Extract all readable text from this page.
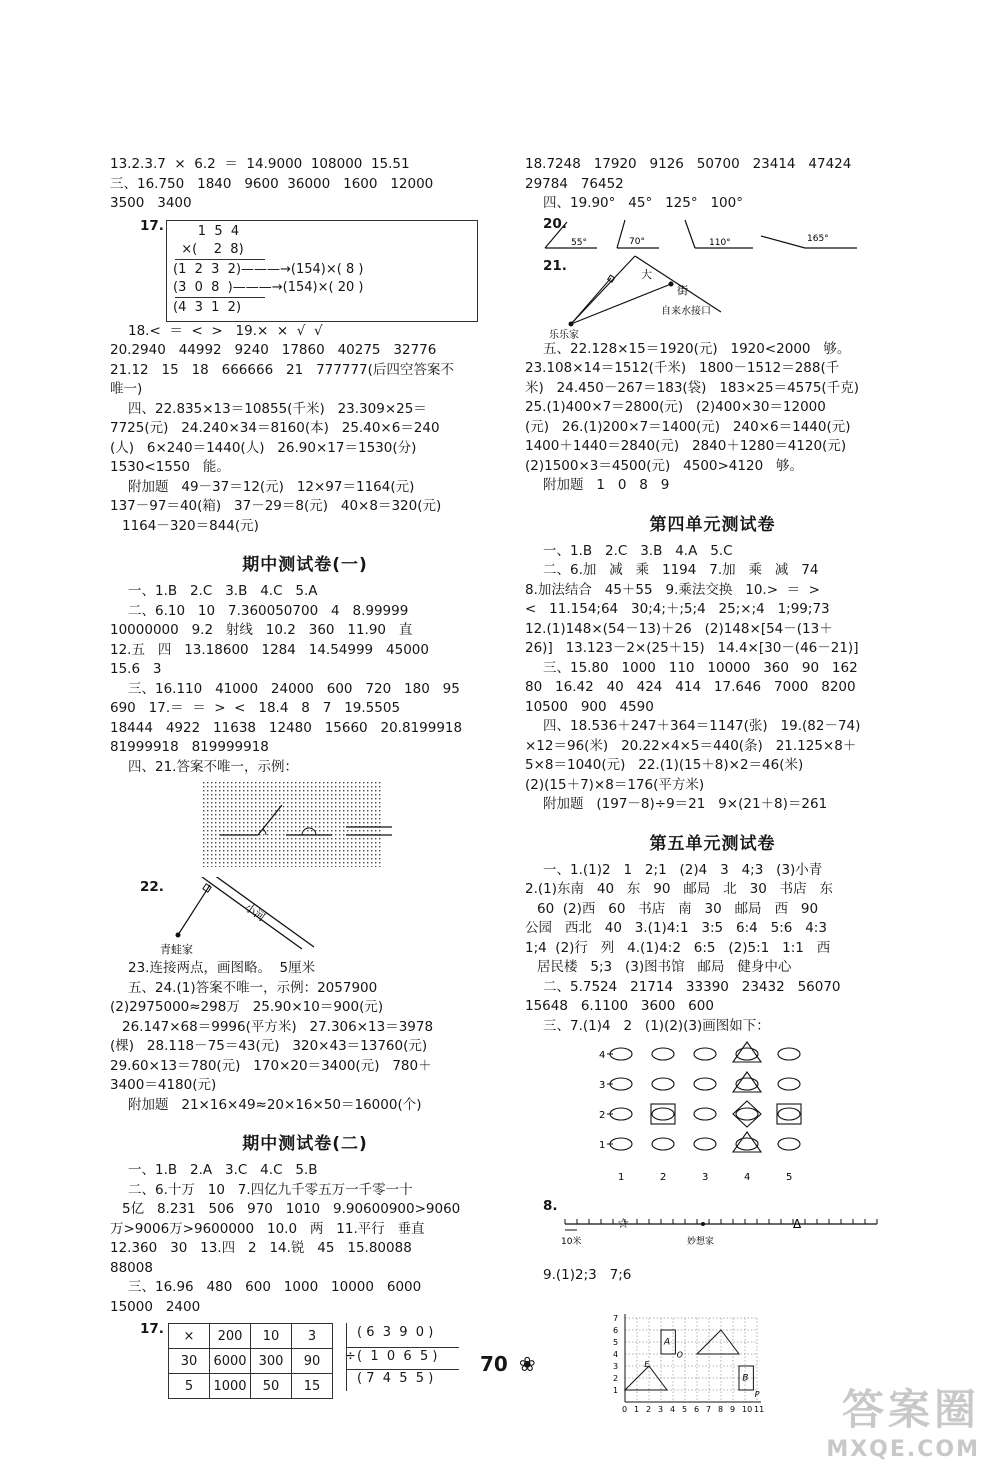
13.2.3.7  ×  6.2  ＝  14.9000  108000  15.51
三、16.750   1840   9600  36000   1600   12000
3500   3400
17. 1  5  4
×(    2  8)
(1  2  3  2)———→(154)×( 8 )
(3  0  8  )———→(154)×( 20 )
(4  3  1  2)
18.<  ＝  <  >   19.×  ×  √  √
20.2940   44992   9240   17860   40275   32776
21.12   15   18   666666   21   777777(后四空答案不
唯一)
四、22.835×13＝10855(千米)   23.309×25＝
7725(元)   24.240×34＝8160(本)   25.40×6＝240
(人)   6×240＝1440(人)   26.90×17＝1530(分)
1530<1550   能。
附加题   49－37＝12(元)   12×97＝1164(元)
137－97＝40(箱)   37－29＝8(元)   40×8＝320(元)
1164－320＝844(元)
期中测试卷(一)
一、1.B   2.C   3.B   4.C   5.A
二、6.10   10   7.360050700   4   8.99999
10000000   9.2   射线   10.2   360   11.90   直
12.五   四   13.18600   1284   14.54999   45000
15.6   3
三、16.110   41000   24000   600   720   180   95
690   17.＝  ＝  >  <   18.4   8   7   19.5505
18444   4922   11638   12480   15660   20.8199918
81999918   819999918
四、21.答案不唯一，示例：
22.
小河
青蛙家
23.连接两点，画图略。  5厘米
五、24.(1)答案不唯一，示例：2057900
(2)2975000≈298万   25.90×10＝900(元)
26.147×68＝9996(平方米)   27.306×13＝3978
(棵)   28.118－75＝43(元)   320×43＝13760(元)
29.60×13＝780(元)   170×20＝3400(元)   780＋
3400＝4180(元)
附加题   21×16×49≈20×16×50＝16000(个)
期中测试卷(二)
一、1.B   2.A   3.C   4.C   5.B
二、6.十万   10   7.四亿九千零五万一千零一十
5亿   8.231   506   970   1010   9.90600900>9060
万>9006万>9600000   10.0   两   11.平行   垂直
12.360   30   13.四   2   14.锐   45   15.80088
88008
三、16.96   480   600   1000   10000   6000
15000   2400
17. ×	200	10	3
30	6000	300	90
5	1000	50	15
( 6  3  9  0 )
÷ (  1  0  6  5 )
( 7  4  5  5 )
18.7248   17920   9126   50700   23414   47424
29784   76452
四、19.90°   45°   125°   100°
20.
55°	70°	110°	165°
21.
大
街
乐乐家
自来水接口
五、22.128×15＝1920(元)   1920<2000   够。
23.108×14＝1512(千米)   1800－1512＝288(千
米)   24.450－267＝183(袋)   183×25＝4575(千克)
25.(1)400×7＝2800(元)   (2)400×30＝12000
(元)   26.(1)200×7＝1400(元)   240×6＝1440(元)
1400＋1440＝2840(元)   2840＋1280＝4120(元)
(2)1500×3＝4500(元)   4500>4120   够。
附加题   1   0   8   9
第四单元测试卷
一、1.B   2.C   3.B   4.A   5.C
二、6.加   减   乘   1194   7.加   乘   减   74
8.加法结合   45＋55   9.乘法交换   10.>  ＝  >
<   11.154;64   30;4;＋;5;4   25;×;4   1;99;73
12.(1)148×(54－13)＋26   (2)148×[54－(13＋
26)]   13.123－2×(25＋15)   14.4×[30－(46－21)]
三、15.80   1000   110   10000   360   90   162
80   16.42   40   424   414   17.646   7000   8200
10500   900   4590
四、18.536＋247＋364＝1147(张)   19.(82－74)
×12＝96(米)   20.22×4×5＝440(条)   21.125×8＋
5×8＝1040(元)   22.(1)(15＋8)×2＝46(米)
(2)(15＋7)×8＝176(平方米)
附加题   (197－8)÷9＝21   9×(21＋8)＝261
第五单元测试卷
一、1.(1)2   1   2;1   (2)4   3   4;3   (3)小青
2.(1)东南   40   东   90   邮局   北   30   书店   东
60  (2)西   60   书店   南   30   邮局   西   90
公园   西北   40   3.(1)4:1   3:5   6:4   5:6   4:3
1;4  (2)行   列   4.(1)4:2   6:5   (2)5:1   1:1   西
居民楼   5;3   (3)图书馆   邮局   健身中心
二、5.7524   21714   33390   23432   56070
15648   6.1100   3600   600
三、7.(1)4   2   (1)(2)(3)画图如下：
4
3
2
1
1	2	3	4	5
8.
10米
☆
妙想家
Δ
9.(1)2;3   7;6
7
6
5
4
3
2
1
0 1 2 3 4 5 6 7 8 9 10 11
A
O
E
B
P
70 ❀
答案圈
MXQE.COM
